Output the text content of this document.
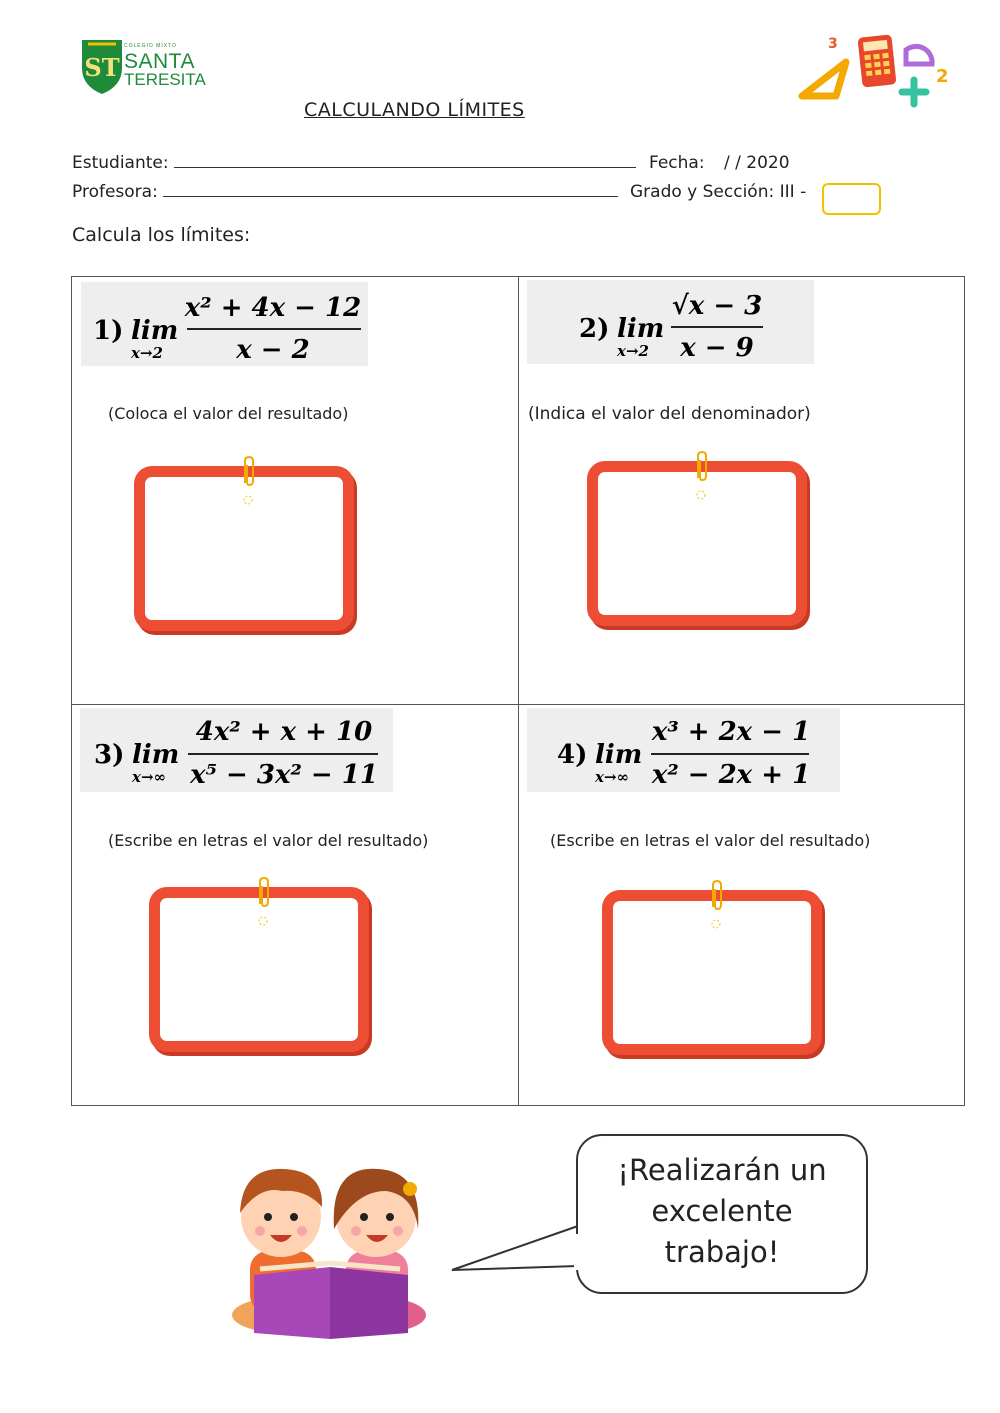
ST
COLEGIO MIXTO
SANTA
TERESITA
3
2
CALCULANDO LÍMITES
Estudiante:	Fecha: / / 2020
Profesora:	Grado y Sección: III -
Calcula los límites:
1) lim
x→2
x² + 4x − 12
x − 2
(Coloca el valor del resultado)
2) lim
x→2
√x − 3
x − 9
(Indica el valor del denominador)
3) lim
x→∞
4x² + x + 10
x⁵ − 3x² − 11
(Escribe en letras el valor del resultado)
4) lim
x→∞
x³ + 2x − 1
x² − 2x + 1
(Escribe en letras el valor del resultado)
¡Realizarán un
excelente
trabajo!
